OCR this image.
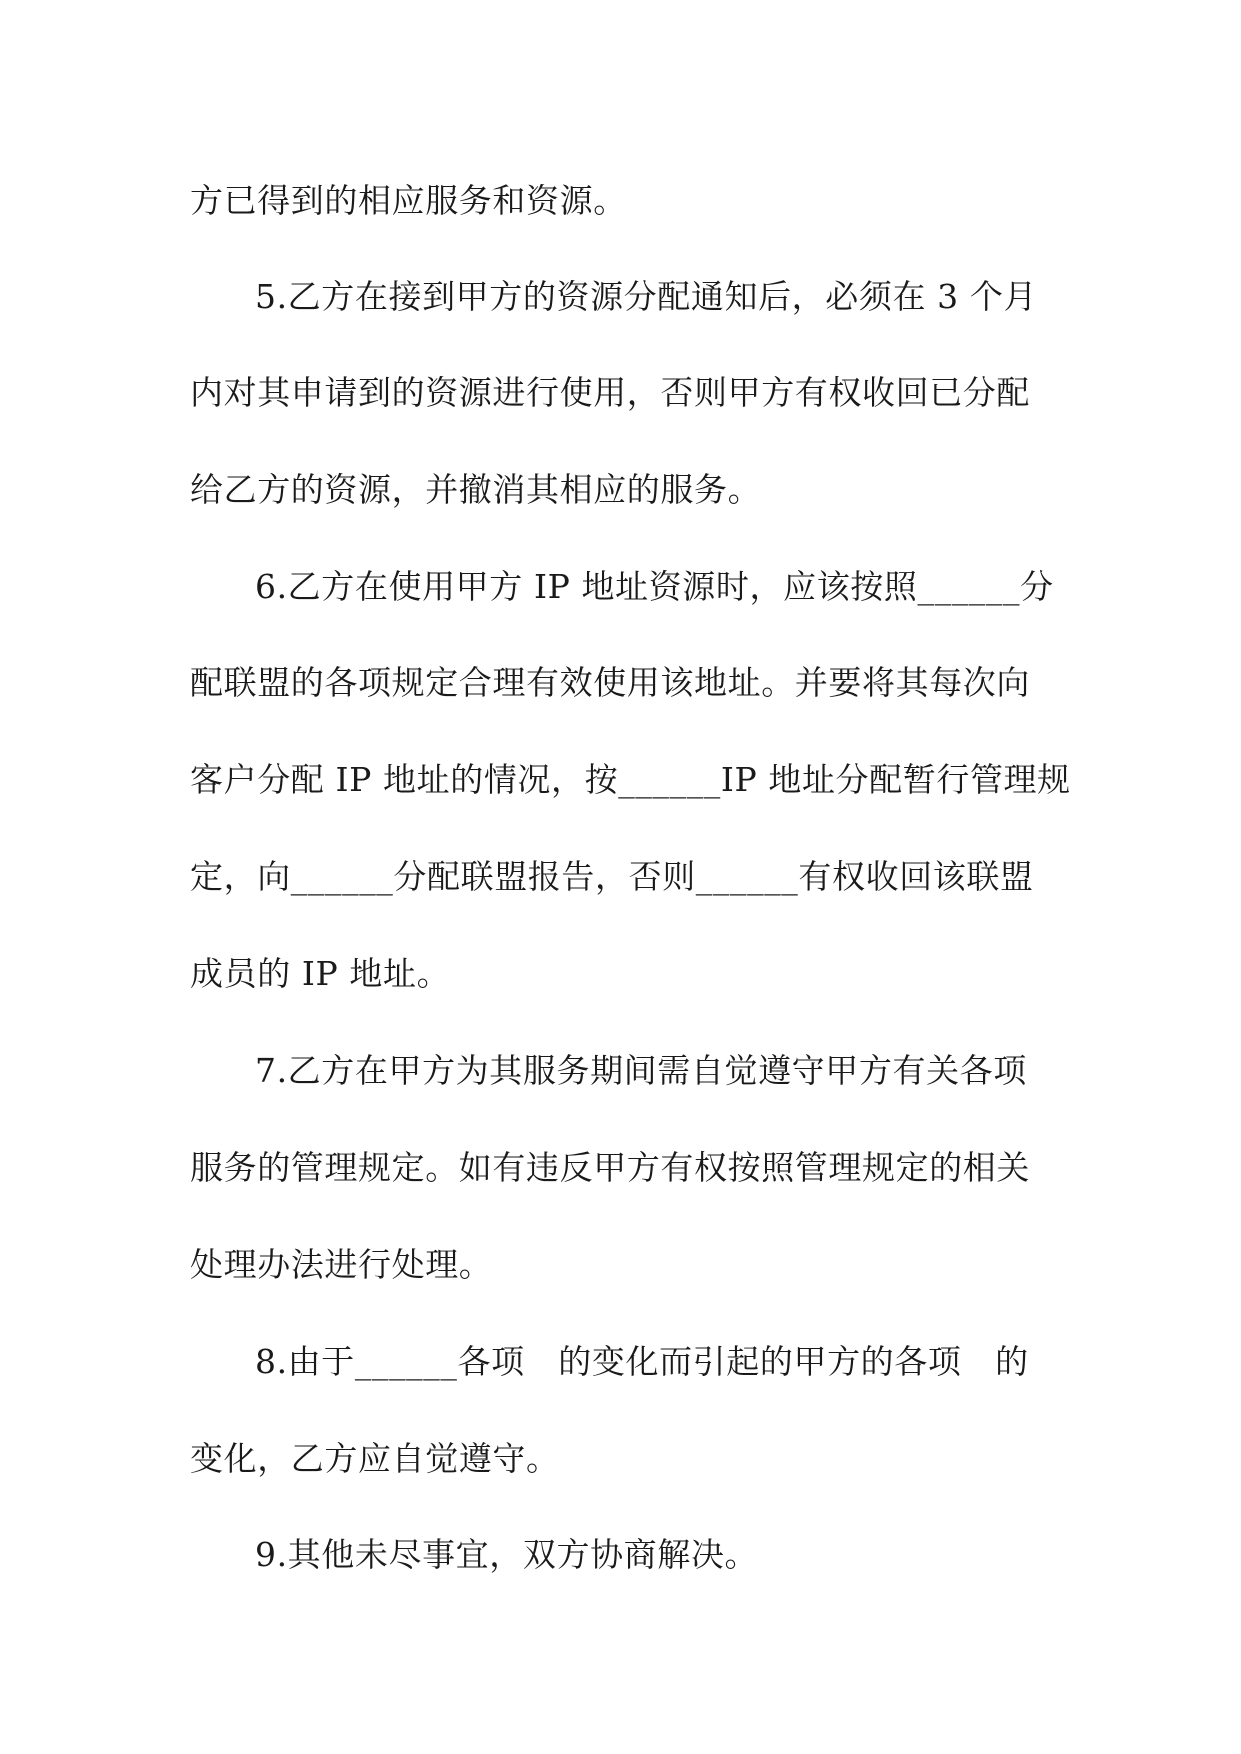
方已得到的相应服务和资源。
5.乙方在接到甲方的资源分配通知后，必须在 3 个月
内对其申请到的资源进行使用，否则甲方有权收回已分配
给乙方的资源，并撤消其相应的服务。
6.乙方在使用甲方 IP 地址资源时，应该按照______分
配联盟的各项规定合理有效使用该地址。并要将其每次向
客户分配 IP 地址的情况，按______IP 地址分配暂行管理规
定，向______分配联盟报告，否则______有权收回该联盟
成员的 IP 地址。
7.乙方在甲方为其服务期间需自觉遵守甲方有关各项
服务的管理规定。如有违反甲方有权按照管理规定的相关
处理办法进行处理。
8.由于______各项　的变化而引起的甲方的各项　的
变化，乙方应自觉遵守。
9.其他未尽事宜，双方协商解决。
